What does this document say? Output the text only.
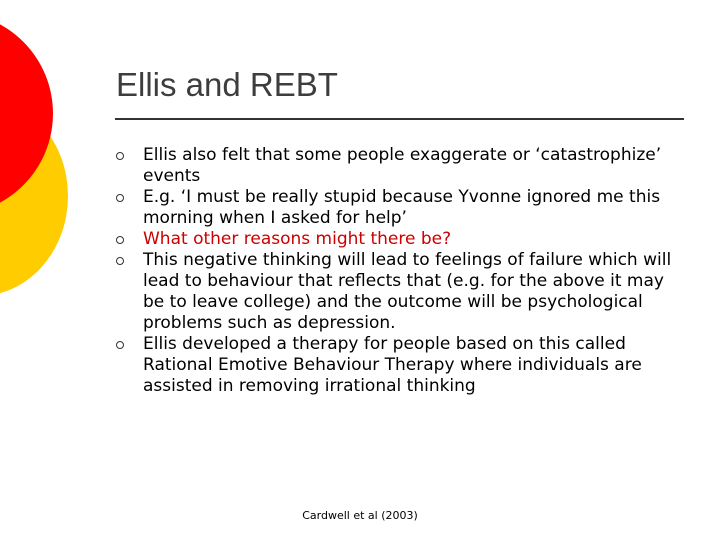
Ellis and REBT
Ellis also felt that some people exaggerate or ‘catastrophize’ events
E.g. ‘I must be really stupid because Yvonne ignored me this morning when I asked for help’
What other reasons might there be?
This negative thinking will lead to feelings of failure which will lead to behaviour that reflects that (e.g. for the above it may be to leave college) and the outcome will be psychological problems such as depression.
Ellis developed a therapy for people based on this called Rational Emotive Behaviour Therapy where individuals are assisted in removing irrational thinking
Cardwell et al (2003)
